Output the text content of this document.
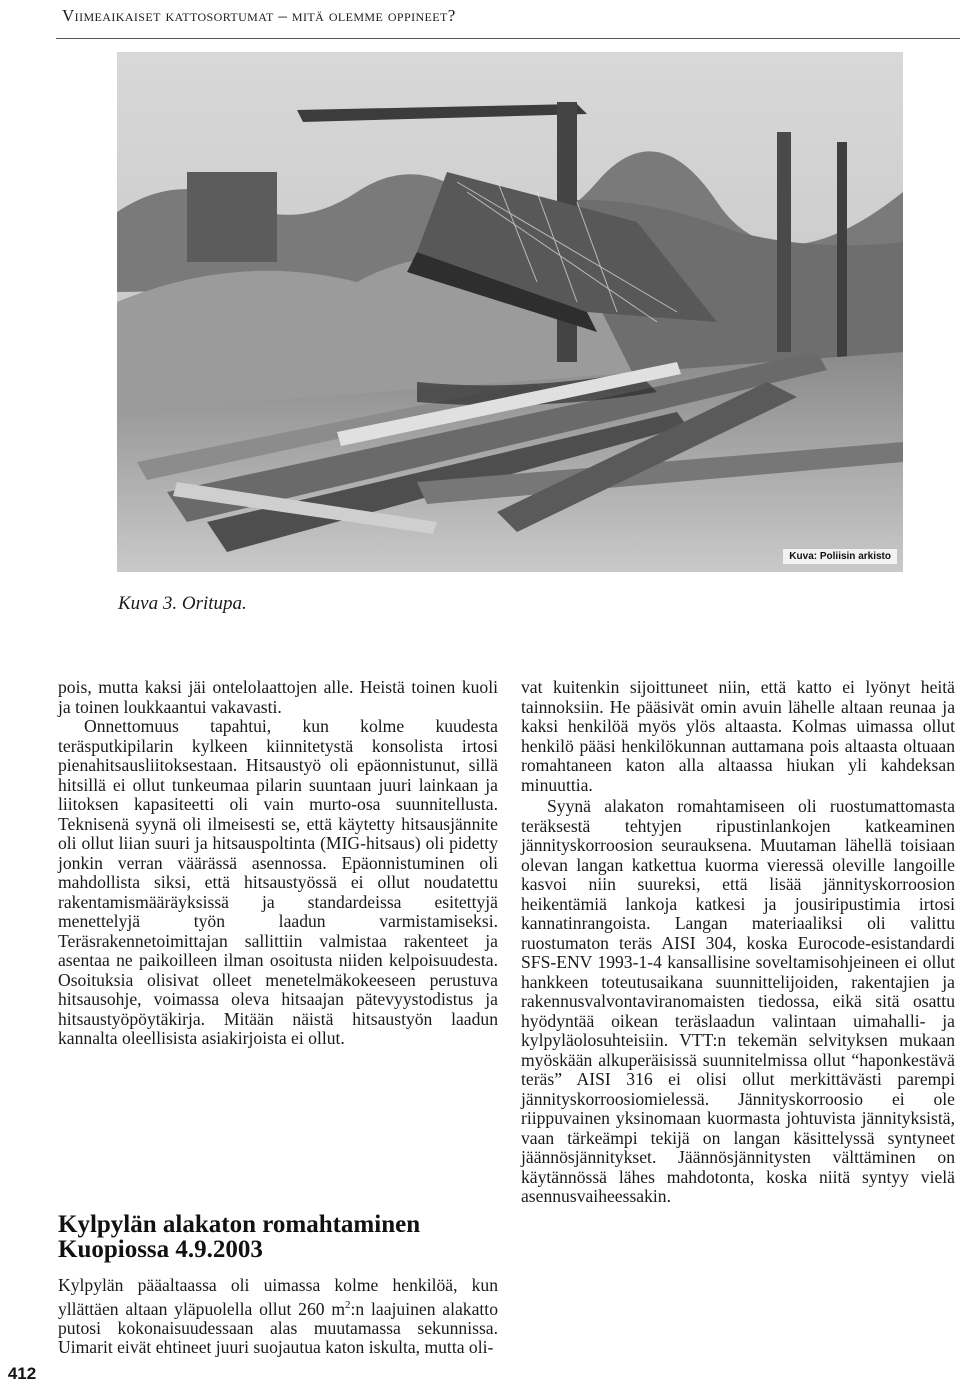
Viimeaikaiset kattosortumat – mitä olemme oppineet?
Kuva: Poliisin arkisto
Kuva 3. Oritupa.

pois, mutta kaksi jäi ontelolaattojen alle. Heistä toinen kuoli ja toinen loukkaantui vakavasti.

Onnettomuus tapahtui, kun kolme kuudesta teräsputkipilarin kylkeen kiinnitetystä konsolista irtosi pienahitsausliitoksestaan. Hitsaustyö oli epäonnistunut, sillä hitsillä ei ollut tunkeumaa pilarin suuntaan juuri lainkaan ja liitoksen kapasiteetti oli vain murto-osa suunnitellusta. Teknisenä syynä oli ilmeisesti se, että käytetty hitsausjännite oli ollut liian suuri ja hitsauspoltinta (MIG-hitsaus) oli pidetty jonkin verran väärässä asennossa. Epäonnistuminen oli mahdollista siksi, että hitsaustyössä ei ollut noudatettu rakentamismääräyksissä ja standardeissa esitettyjä menettelyjä työn laadun varmistamiseksi. Teräsrakennetoimittajan sallittiin valmistaa rakenteet ja asentaa ne paikoilleen ilman osoitusta niiden kelpoisuudesta. Osoituksia olisivat olleet menetelmäkokeeseen perustuva hitsausohje, voimassa oleva hitsaajan pätevyystodistus ja hitsaustyöpöytäkirja. Mitään näistä hitsaustyön laadun kannalta oleellisista asiakirjoista ei ollut.

Kylpylän alakaton romahtaminen Kuopiossa 4.9.2003

Kylpylän pääaltaassa oli uimassa kolme henkilöä, kun yllättäen altaan yläpuolella ollut 260 $m^2:n$ laajuinen alakatto putosi kokonaisuudessaan alas muutamassa sekunnissa. Uimarit eivät ehtineet juuri suojautua katon iskulta, mutta oli-

vat kuitenkin sijoittuneet niin, että katto ei lyönyt heitä tainnoksiin. He pääsivät omin avuin lähelle altaan reunaa ja kaksi henkilöä myös ylös altaasta. Kolmas uimassa ollut henkilö pääsi henkilökunnan auttamana pois altaasta oltuaan romahtaneen katon alla altaassa hiukan yli kahdeksan minuuttia.

Syynä alakaton romahtamiseen oli ruostumattomasta teräksestä tehtyjen ripustinlankojen katkeaminen jännityskorroosion seurauksena. Muutaman lähellä toisiaan olevan langan katkettua kuorma vieressä oleville langoille kasvoi niin suureksi, että lisää jännityskorroosion heikentämiä lankoja katkesi ja jousiripustimia irtosi kannatinrangoista. Langan materiaaliksi oli valittu ruostumaton teräs AISI 304, koska Eurocode-esistandardi SFS-ENV 1993-1-4 kansallisine soveltamisohjeineen ei ollut hankkeen toteutusaikana suunnittelijoiden, rakentajien ja rakennusvalvontaviranomaisten tiedossa, eikä sitä osattu hyödyntää oikean teräslaadun valintaan uimahalli- ja kylpyläolosuhteisiin. VTT:n tekemän selvityksen mukaan myöskään alkuperäisissä suunnitelmissa ollut “haponkestävä teräs” AISI 316 ei olisi ollut merkittävästi parempi jännityskorroosiomielessä. Jännityskorroosio ei ole riippuvainen yksinomaan kuormasta johtuvista jännityksistä, vaan tärkeämpi tekijä on langan käsittelyssä syntyneet jäännösjännitykset. Jäännösjännitysten välttäminen on käytännössä lähes mahdotonta, koska niitä syntyy vielä asennusvaiheessakin.

412
